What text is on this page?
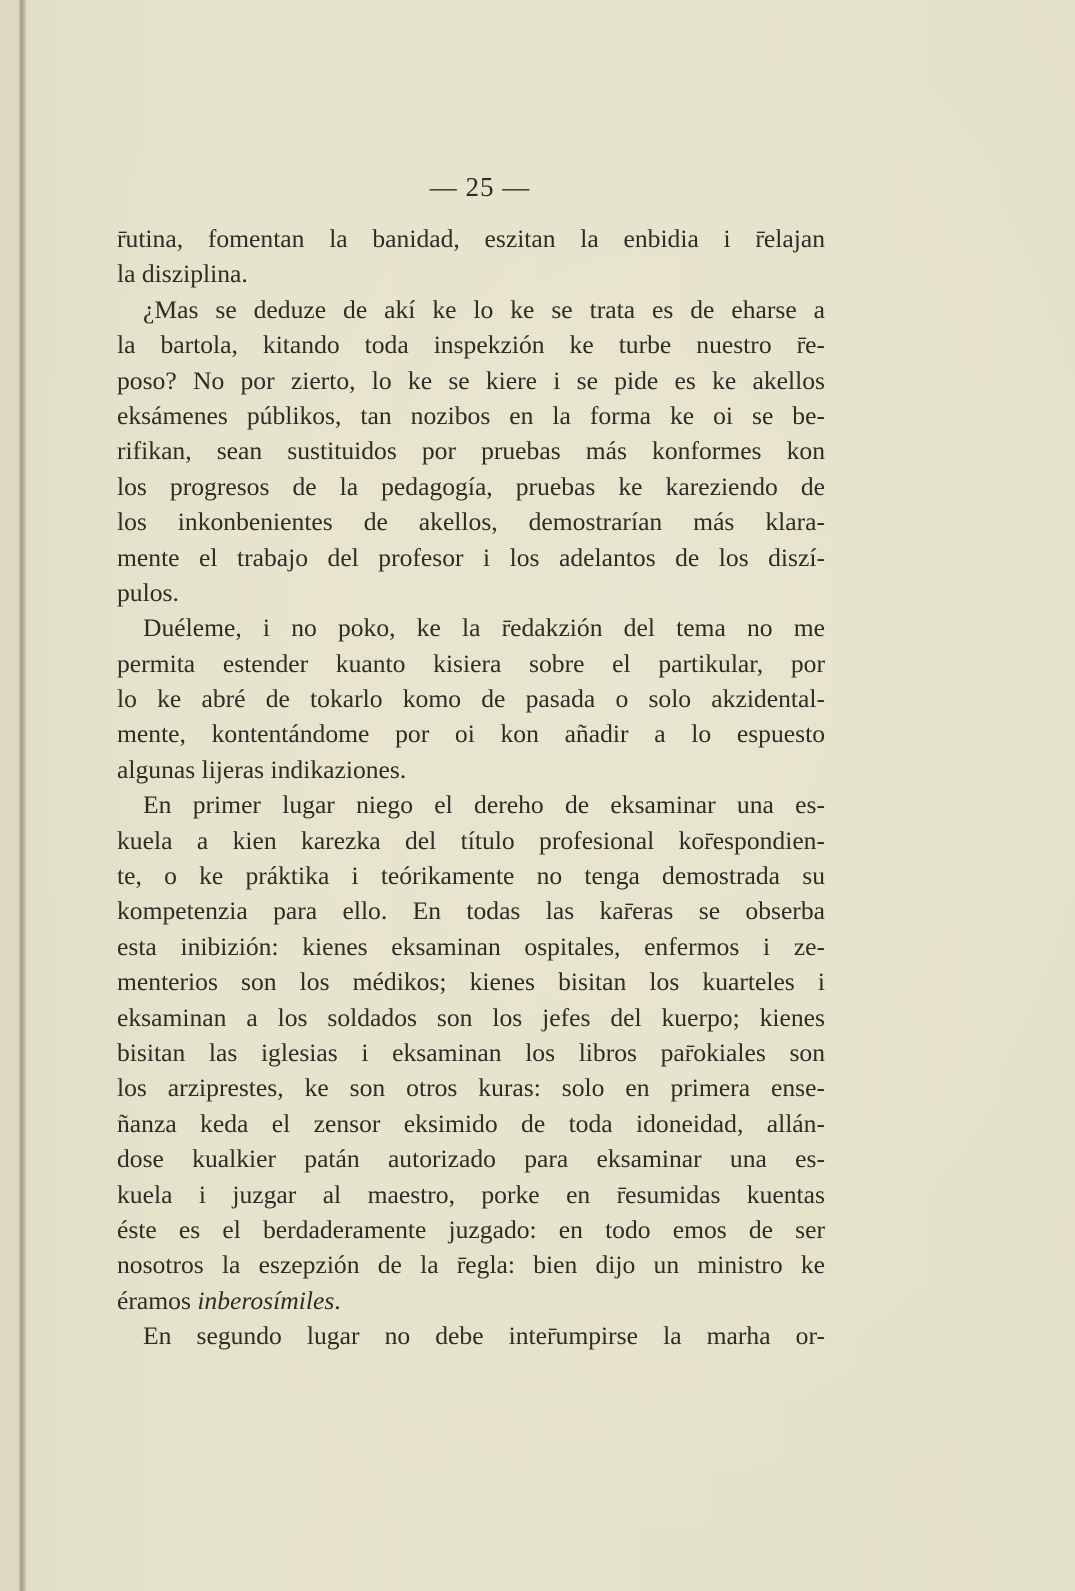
— 25 —
r̄utina, fomentan la banidad, eszitan la enbidia i r̄elajan
la disziplina.
¿Mas se deduze de akí ke lo ke se trata es de eharse a
la bartola, kitando toda inspekzión ke turbe nuestro r̄e-
poso? No por zierto, lo ke se kiere i se pide es ke akellos
eksámenes públikos, tan nozibos en la forma ke oi se be-
rifikan, sean sustituidos por pruebas más konformes kon
los progresos de la pedagogía, pruebas ke kareziendo de
los inkonbenientes de akellos, demostrarían más klara-
mente el trabajo del profesor i los adelantos de los diszí-
pulos.
Duéleme, i no poko, ke la r̄edakzión del tema no me
permita estender kuanto kisiera sobre el partikular, por
lo ke abré de tokarlo komo de pasada o solo akzidental-
mente, kontentándome por oi kon añadir a lo espuesto
algunas lijeras indikaziones.
En primer lugar niego el dereho de eksaminar una es-
kuela a kien karezka del título profesional kor̄espondien-
te, o ke práktika i teórikamente no tenga demostrada su
kompetenzia para ello. En todas las kar̄eras se obserba
esta inibizión: kienes eksaminan ospitales, enfermos i ze-
menterios son los médikos; kienes bisitan los kuarteles i
eksaminan a los soldados son los jefes del kuerpo; kienes
bisitan las iglesias i eksaminan los libros par̄okiales son
los arziprestes, ke son otros kuras: solo en primera ense-
ñanza keda el zensor eksimido de toda idoneidad, allán-
dose kualkier patán autorizado para eksaminar una es-
kuela i juzgar al maestro, porke en r̄esumidas kuentas
éste es el berdaderamente juzgado: en todo emos de ser
nosotros la eszepzión de la r̄egla: bien dijo un ministro ke
éramos inberosímiles.
En segundo lugar no debe inter̄umpirse la marha or-
